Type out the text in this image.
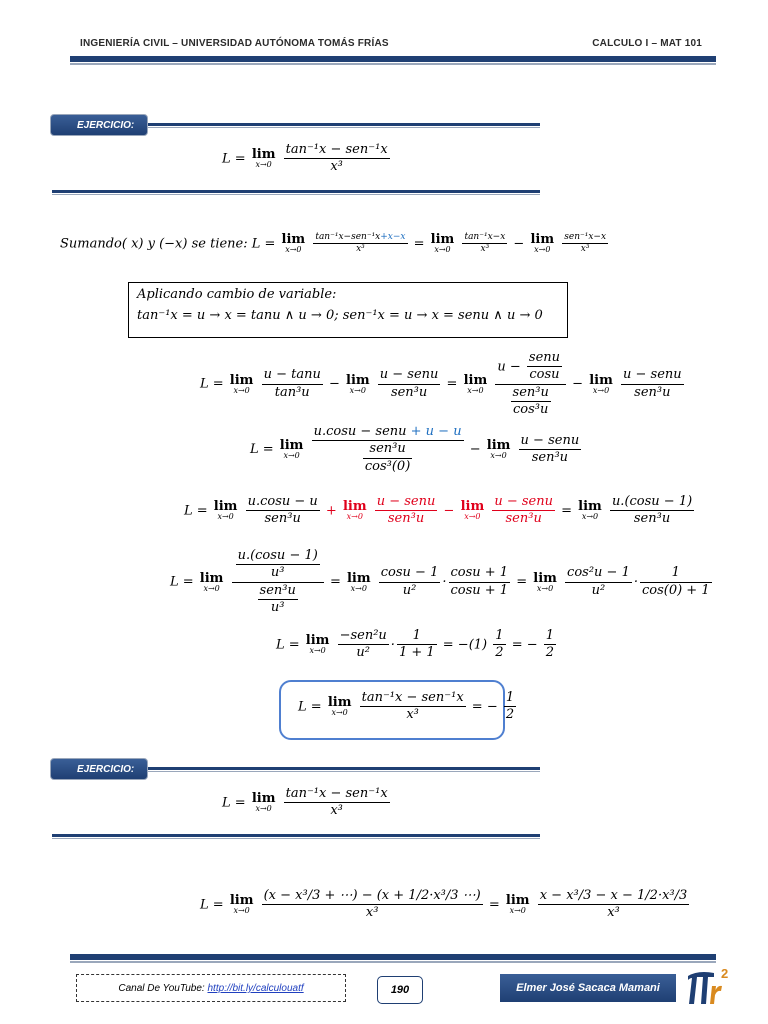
INGENIERÍA CIVIL – UNIVERSIDAD AUTÓNOMA TOMÁS FRÍAS	CALCULO I – MAT 101
EJERCICIO:
L = lim
x→0
$\frac{\text{tan⁻¹x − sen⁻¹x}}{\text{x³}}$
Sumando( x) y (−x) se tiene: L = lim
x→0
	$\frac{\text{tan⁻¹x−sen⁻¹x+x−x}}{\text{x³}} = \lim$
x→0
	$\frac{\text{tan⁻¹x−x}}{\text{x³}} - \lim$
x→0
	$\frac{\text{sen⁻¹x−x}}{\text{x³}}$
Aplicando cambio de variable:
tan⁻¹x = u → x = tanu ∧ u → 0; sen⁻¹x = u → x = senu ∧ u → 0
L = lim
x→0
$\frac{u - \tan u}{\text{tan³u}} - \lim$
x→0
$\frac{\text{u − senu}}{\text{sen³u}} = \lim$
x→0
$\frac{u - \frac{\text{senu}}{\cos u}}{\frac{\text{sen³u}}{\text{cos³u}}} - \lim$
x→0
$\frac{\text{u − senu}}{\text{sen³u}}$
L = lim
x→0
$\frac{\text{u.cosu − senu + u − u}}{\frac{\text{sen³u}}{\text{cos³(0)}}} - \lim$
x→0
$\frac{\text{u − senu}}{\text{sen³u}}$
L = lim
x→0
$\frac{u.\cos u - u}{\text{sen³u}} + \lim$
x→0
$\frac{\text{u − senu}}{\text{sen³u}} - \lim$
x→0
$\frac{\text{u − senu}}{\text{sen³u}} = \lim$
x→0
$\frac{u.(\cos u - 1)}{\text{sen³u}}$
L = lim
x→0
$\frac{\frac{u.(\cos u - 1)}{\text{u³}}}{\frac{\text{sen³u}}{\text{u³}}} = \lim$
x→0
$\frac{\cos u - 1}{\text{u²}} \cdot \frac{\cos u + 1}{\cos u + 1} = \lim$
x→0
$\frac{\text{cos²u − 1}}{\text{u²}} \cdot \frac{1}{\cos(0) + 1}$
L = lim
x→0
$\frac{\text{−sen²u}}{\text{u²}} \cdot \frac{1}{1 + 1} = -(1) \frac{1}{2}$ = − $\frac{1}{2}$
L = lim
x→0
$\frac{\text{tan⁻¹x − sen⁻¹x}}{\text{x³}}$ = − $\frac{1}{2}$
EJERCICIO:
L = lim
x→0
$\frac{\text{tan⁻¹x − sen⁻¹x}}{\text{x³}}$
L = lim
x→0
$\frac{\text{(x − x³/3 + ⋯) − (x + 1/2·x³/3 ⋯)}}{\text{x³}} = \lim$
x→0
$\frac{\text{x − x³/3 − x − 1/2·x³/3}}{\text{x³}}$
Canal De YouTube: http://bit.ly/calculouatf	190	Elmer José Sacaca Mamani
2
